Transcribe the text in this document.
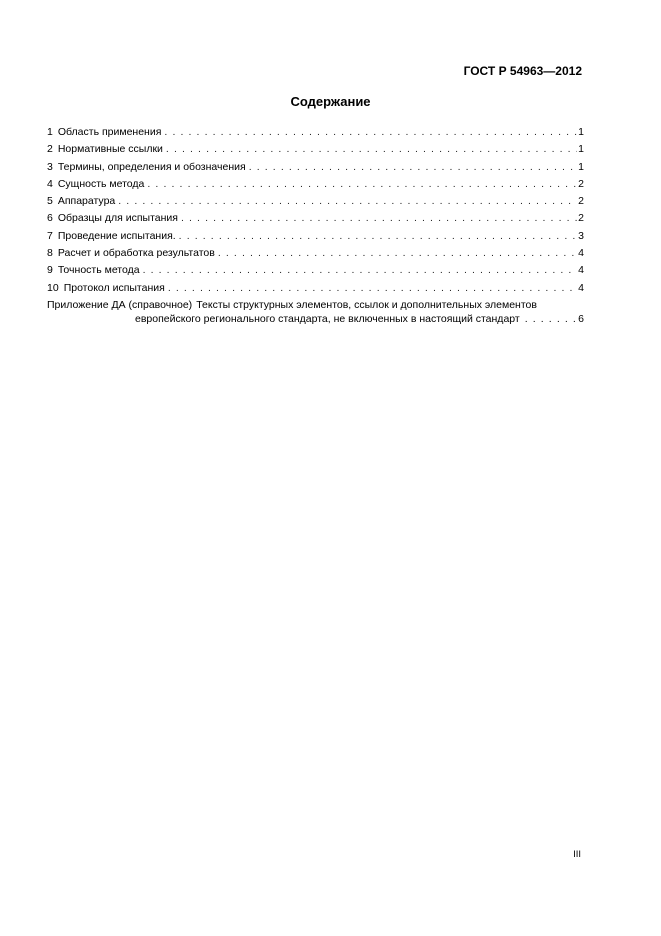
ГОСТ Р 54963—2012
Содержание
1 Область применения . . .	1
2 Нормативные ссылки . . .	1
3 Термины, определения и обозначения . . .	1
4 Сущность метода . . .	2
5 Аппаратура . . .	2
6 Образцы для испытания . . .	2
7 Проведение испытания. . . .	3
8 Расчет и обработка результатов . . .	4
9 Точность метода . . .	4
10 Протокол испытания . . .	4
Приложение ДА (справочное) Тексты структурных элементов, ссылок и дополнительных элементов
европейского регионального стандарта, не включенных в настоящий стандарт . . .	6
III
